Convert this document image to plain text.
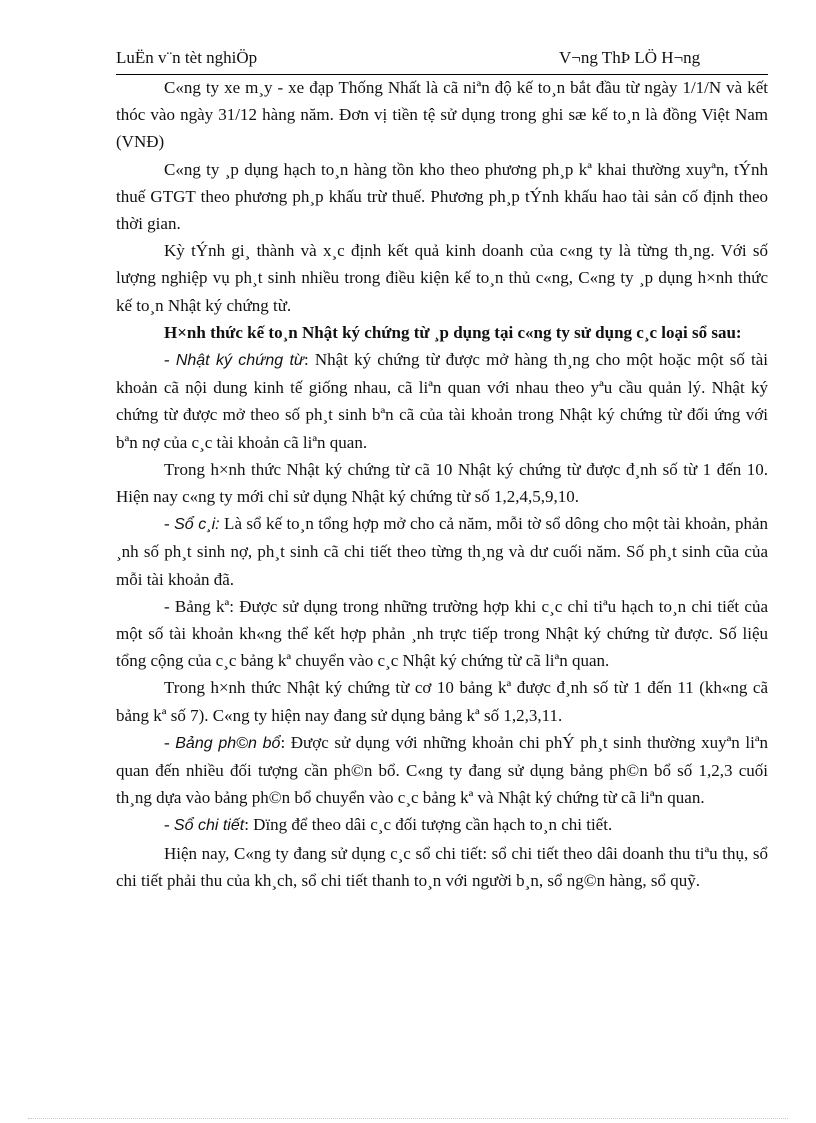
LuËn v¨n tèt nghiÖp	V¬ng ThÞ LÖ H¬ng

C«ng ty xe m¸y - xe đạp Thống Nhất là cã niªn độ kế to¸n bắt đầu từ ngày 1/1/N và kết thóc vào ngày 31/12 hàng năm. Đơn vị tiền tệ sử dụng trong ghi sæ kế to¸n là đồng Việt Nam (VNĐ)

C«ng ty ¸p dụng hạch to¸n hàng tồn kho theo phương ph¸p kª khai thường xuyªn, tÝnh thuế GTGT theo phương ph¸p khấu trừ thuế. Phương ph¸p tÝnh khấu hao tài sản cố định theo thời gian.

Kỳ tÝnh gi¸ thành và x¸c định kết quả kinh doanh của c«ng ty là từng th¸ng. Với số lượng nghiệp vụ ph¸t sinh nhiều trong điều kiện kế to¸n thủ c«ng, C«ng ty ¸p dụng h×nh thức kế to¸n Nhật ký chứng từ.

H×nh thức kế to¸n Nhật ký chứng từ ¸p dụng tại c«ng ty sử dụng c¸c loại sổ sau:

- Nhật ký chứng từ: Nhật ký chứng từ được mở hàng th¸ng cho một hoặc một số tài khoản cã nội dung kinh tế giống nhau, cã liªn quan với nhau theo yªu cầu quản lý. Nhật ký chứng từ được mở theo số ph¸t sinh bªn cã của tài khoản trong Nhật ký chứng từ đối ứng với bªn nợ của c¸c tài khoản cã liªn quan.

Trong h×nh thức Nhật ký chứng từ cã 10 Nhật ký chứng từ được đ¸nh số từ 1 đến 10. Hiện nay c«ng ty mới chỉ sử dụng Nhật ký chứng từ số 1,2,4,5,9,10.

- Sổ c¸i: Là sổ kế to¸n tổng hợp mở cho cả năm, mỗi tờ sổ dông cho một tài khoản, phản ¸nh số ph¸t sinh nợ, ph¸t sinh cã chi tiết theo từng th¸ng và dư cuối năm. Số ph¸t sinh cũa của mỗi tài khoản đã.

- Bảng kª: Được sử dụng trong những trường hợp khi c¸c chỉ tiªu hạch to¸n chi tiết của một số tài khoản kh«ng thể kết hợp phản ¸nh trực tiếp trong Nhật ký chứng từ được. Số liệu tổng cộng của c¸c bảng kª chuyển vào c¸c Nhật ký chứng từ cã liªn quan.

Trong h×nh thức Nhật ký chứng từ cơ 10 bảng kª được đ¸nh số từ 1 đến 11 (kh«ng cã bảng kª số 7). C«ng ty hiện nay đang sử dụng bảng kª số 1,2,3,11.

- Bảng ph©n bổ: Được sử dụng với những khoản chi phÝ ph¸t sinh thường xuyªn liªn quan đến nhiều đối tượng cần ph©n bổ. C«ng ty đang sử dụng bảng ph©n bổ số 1,2,3 cuối th¸ng dựa vào bảng ph©n bổ chuyển vào c¸c bảng kª và Nhật ký chứng từ cã liªn quan.

- Sổ chi tiết: Dïng để theo dâi c¸c đối tượng cần hạch to¸n chi tiết.

Hiện nay, C«ng ty đang sử dụng c¸c sổ chi tiết: sổ chi tiết theo dâi doanh thu tiªu thụ, sổ chi tiết phải thu của kh¸ch, sổ chi tiết thanh to¸n với người b¸n, sổ ng©n hàng, sổ quỹ.
